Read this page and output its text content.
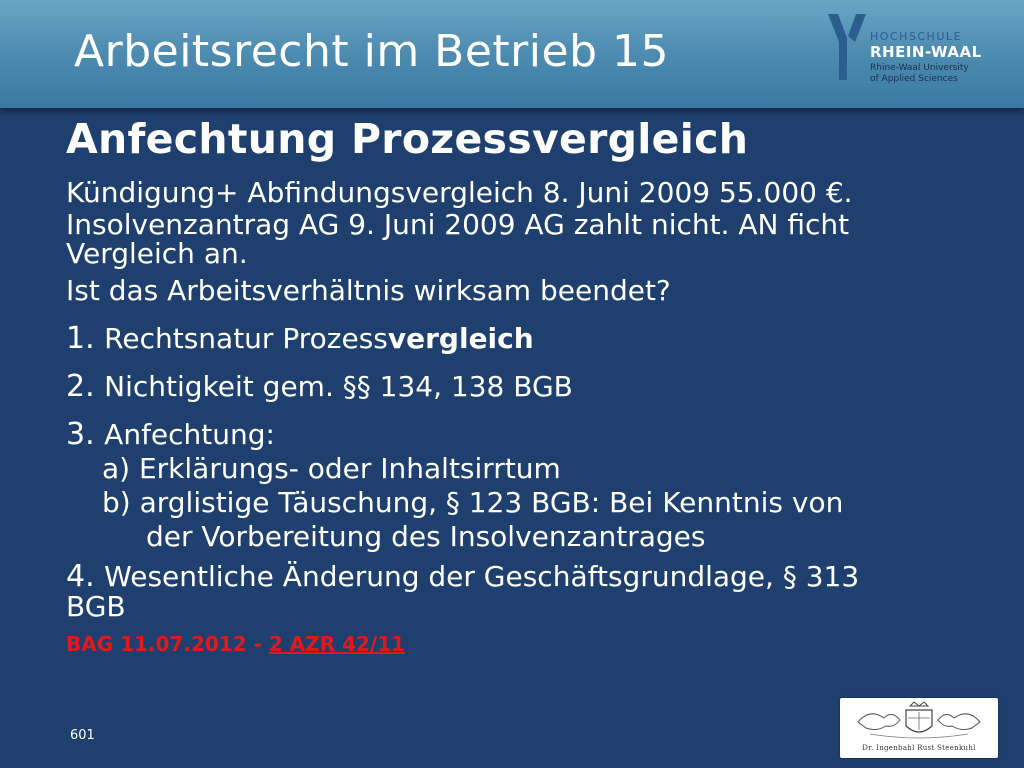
Arbeitsrecht im Betrieb 15	HOCHSCHULE
RHEIN-WAAL
Rhine-Waal University
of Applied Sciences
Anfechtung Prozessvergleich
Kündigung+ Abfindungsvergleich 8. Juni 2009 55.000 €.
Insolvenzantrag AG 9. Juni 2009 AG zahlt nicht. AN ficht
Vergleich an.
Ist das Arbeitsverhältnis wirksam beendet?
1. Rechtsnatur Prozessvergleich
2. Nichtigkeit gem. §§ 134, 138 BGB
3. Anfechtung:
a) Erklärungs- oder Inhaltsirrtum
b) arglistige Täuschung, § 123 BGB: Bei Kenntnis von
der Vorbereitung des Insolvenzantrages
4. Wesentliche Änderung der Geschäftsgrundlage, § 313
BGB
BAG 11.07.2012 - 2 AZR 42/11
601
Dr. Ingenbahl Rust Steenkuhl
